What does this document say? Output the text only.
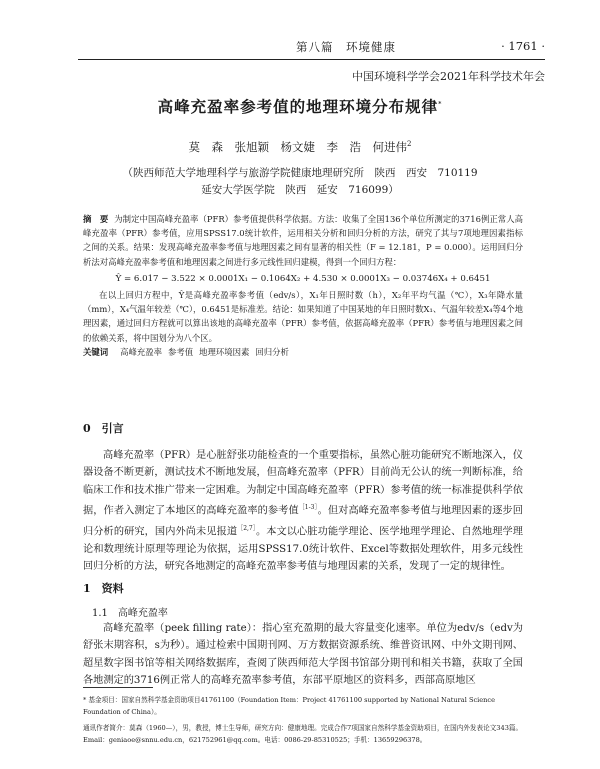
第八篇　环境健康	· 1761 ·
中国环境科学学会2021年科学技术年会
高峰充盈率参考值的地理环境分布规律*
莫　森　张旭颖　杨文婕　李　浩　何进伟$^2$
（陕西师范大学地理科学与旅游学院健康地理研究所　陕西　西安　710119
延安大学医学院　陕西　延安　716099）
摘　要 为制定中国高峰充盈率（PFR）参考值提供科学依据。方法：收集了全国136个单位所测定的3716例正常人高峰充盈率（PFR）参考值，应用SPSS17.0统计软件，运用相关分析和回归分析的方法，研究了其与7项地理因素指标之间的关系。结果：发现高峰充盈率参考值与地理因素之间有显著的相关性（F = 12.181，P = 0.000）。运用回归分析法对高峰充盈率参考值和地理因素之间进行多元线性回归建模，得到一个回归方程：
Ŷ = 6.017 − 3.522 × 0.0001X₁ − 0.1064X₂ + 4.530 × 0.0001X₃ − 0.03746X₄ + 0.6451
在以上回归方程中，Ŷ是高峰充盈率参考值（edv/s），X₁年日照时数（h），X₂年平均气温（℃），X₃年降水量（mm），X₄气温年较差（℃），0.6451是标准差。结论：如果知道了中国某地的年日照时数X₁、气温年较差X₄等4个地理因素，通过回归方程就可以算出该地的高峰充盈率（PFR）参考值，依据高峰充盈率（PFR）参考值与地理因素之间的依赖关系，将中国划分为八个区。
关键词 高峰充盈率 参考值 地理环境因素 回归分析
0　 引言
高峰充盈率（PFR）是心脏舒张功能检查的一个重要指标，虽然心脏功能研究不断地深入，仪器设备不断更新，测试技术不断地发展，但高峰充盈率（PFR）目前尚无公认的统一判断标准，给临床工作和技术推广带来一定困难。为制定中国高峰充盈率（PFR）参考值的统一标准提供科学依据，作者入测定了本地区的高峰充盈率的参考值$^{[1-3]}$。但对高峰充盈率参考值与地理因素的逐步回归分析的研究，国内外尚未见报道$^{[2,7]}$。本文以心脏功能学理论、医学地理学理论、自然地理学理论和数理统计原理等理论为依据，运用SPSS17.0统计软件、Excel等数据处理软件，用多元线性回归分析的方法，研究各地测定的高峰充盈率参考值与地理因素的关系，发现了一定的规律性。
1　 资料
1.1　 高峰充盈率
高峰充盈率（peek filling rate）：指心室充盈期的最大容量变化速率。单位为edv/s（edv为舒张末期容积，s为秒）。通过检索中国期刊网、万方数据资源系统、维普资讯网、中外文期刊网、超星数字图书馆等相关网络数据库，查阅了陕西师范大学图书馆部分期刊和相关书籍，获取了全国各地测定的3716例正常人的高峰充盈率参考值，东部平原地区的资料多，西部高原地区
* 基金项目：国家自然科学基金资助项目41761100（Foundation Item：Project 41761100 supported by National Natural Science Foundation of China）。
通讯作者简介：莫森（1960—），男，教授，博士生导师，研究方向：健康地理。完成合作7项国家自然科学基金资助项目，在国内外发表论文343篇。Email：geniaoe@snnu.edu.cn，621752961@qq.com。电话：0086-29-85310525；手机：13659296378。
